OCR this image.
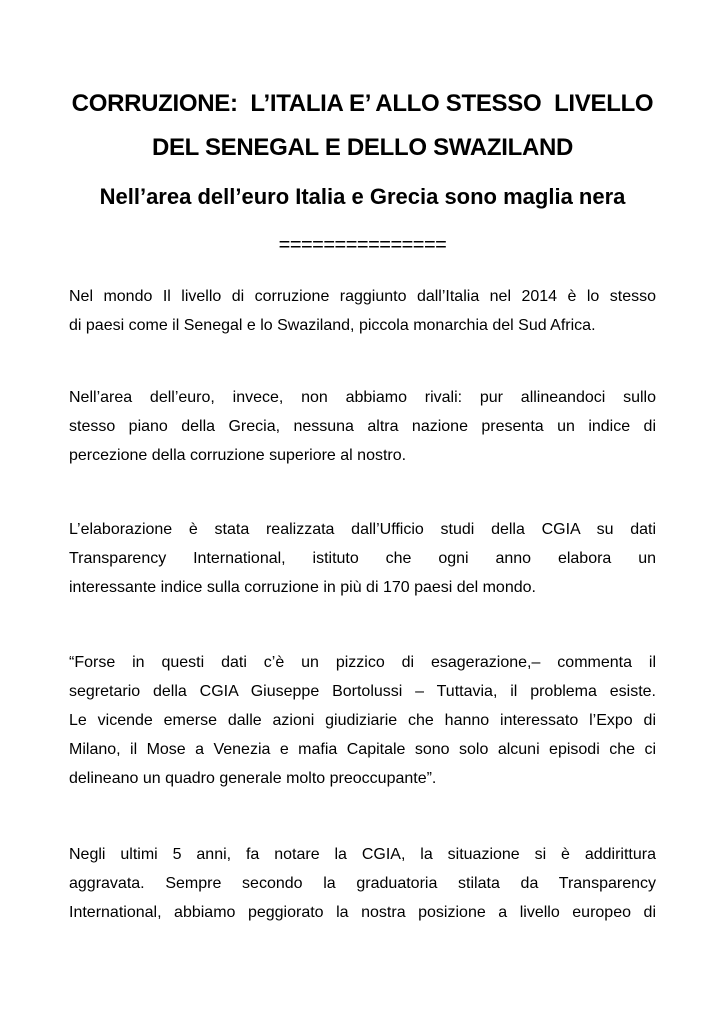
CORRUZIONE:  L’ITALIA E’ ALLO STESSO  LIVELLO
DEL SENEGAL E DELLO SWAZILAND
Nell’area dell’euro Italia e Grecia sono maglia nera
===============
Nel mondo Il livello di corruzione raggiunto dall’Italia nel 2014 è lo stesso
di paesi come il Senegal e lo Swaziland, piccola monarchia del Sud Africa.
Nell’area dell’euro, invece, non abbiamo rivali: pur allineandoci sullo
stesso piano della Grecia, nessuna altra nazione presenta un indice di
percezione della corruzione superiore al nostro.
L’elaborazione è stata realizzata dall’Ufficio studi della CGIA su dati
Transparency International, istituto che ogni anno elabora un
interessante indice sulla corruzione in più di 170 paesi del mondo.
“Forse in questi dati c’è un pizzico di esagerazione,– commenta il
segretario della CGIA Giuseppe Bortolussi – Tuttavia, il problema esiste.
Le vicende emerse dalle azioni giudiziarie che hanno interessato l’Expo di
Milano, il Mose a Venezia e mafia Capitale sono solo alcuni episodi che ci
delineano un quadro generale molto preoccupante”.
Negli ultimi 5 anni, fa notare la CGIA, la situazione si è addirittura
aggravata. Sempre secondo la graduatoria stilata da Transparency
International, abbiamo peggiorato la nostra posizione a livello europeo di
